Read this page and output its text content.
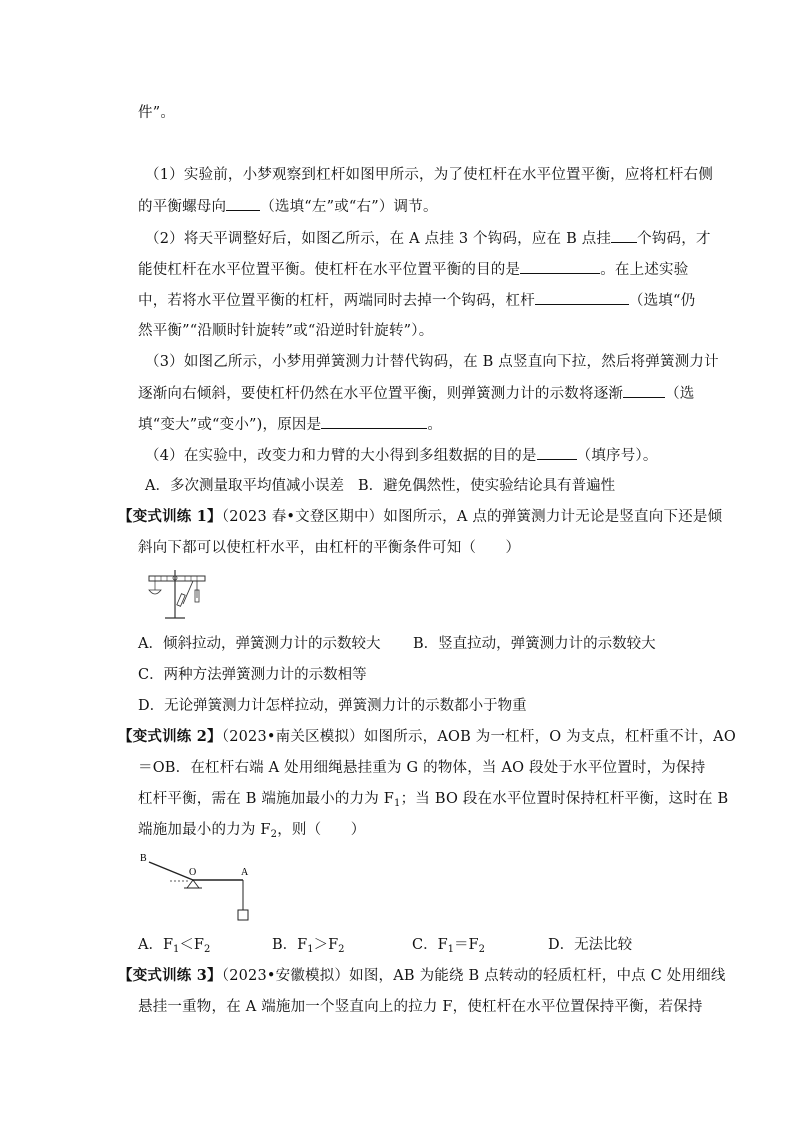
件”。
（1）实验前，小梦观察到杠杆如图甲所示，为了使杠杆在水平位置平衡，应将杠杆右侧
的平衡螺母向 （选填“左”或“右”）调节。
（2）将天平调整好后，如图乙所示，在 A 点挂 3 个钩码，应在 B 点挂 个钩码，才
能使杠杆在水平位置平衡。使杠杆在水平位置平衡的目的是	。在上述实验
中，若将水平位置平衡的杠杆，两端同时去掉一个钩码，杠杆	（选填“仍
然平衡”“沿顺时针旋转”或“沿逆时针旋转”）。
（3）如图乙所示，小梦用弹簧测力计替代钩码，在 B 点竖直向下拉，然后将弹簧测力计
逐渐向右倾斜，要使杠杆仍然在水平位置平衡，则弹簧测力计的示数将逐渐	（选
填“变大”或“变小”)，原因是	。
（4）在实验中，改变力和力臂的大小得到多组数据的目的是	（填序号）。
A．多次测量取平均值减小误差 B．避免偶然性，使实验结论具有普遍性
【变式训练 1】（2023 春•文登区期中）如图所示，A 点的弹簧测力计无论是竖直向下还是倾
斜向下都可以使杠杆水平，由杠杆的平衡条件可知（　　）
A．倾斜拉动，弹簧测力计的示数较大 B．竖直拉动，弹簧测力计的示数较大
C．两种方法弹簧测力计的示数相等
D．无论弹簧测力计怎样拉动，弹簧测力计的示数都小于物重
【变式训练 2】（2023•南关区模拟）如图所示，AOB 为一杠杆，O 为支点，杠杆重不计，AO
＝OB．在杠杆右端 A 处用细绳悬挂重为 G 的物体，当 AO 段处于水平位置时，为保持
杠杆平衡，需在 B 端施加最小的力为 $F_1$；当 BO 段在水平位置时保持杠杆平衡，这时在 B
端施加最小的力为 $F_2$，则（　　）
B
O	A
A．$F_1<F_2$	B．$F_1>F_2$	C．$F_1=F_2$	D．无法比较
【变式训练 3】（2023•安徽模拟）如图，AB 为能绕 B 点转动的轻质杠杆，中点 C 处用细线
悬挂一重物，在 A 端施加一个竖直向上的拉力 F，使杠杆在水平位置保持平衡，若保持
